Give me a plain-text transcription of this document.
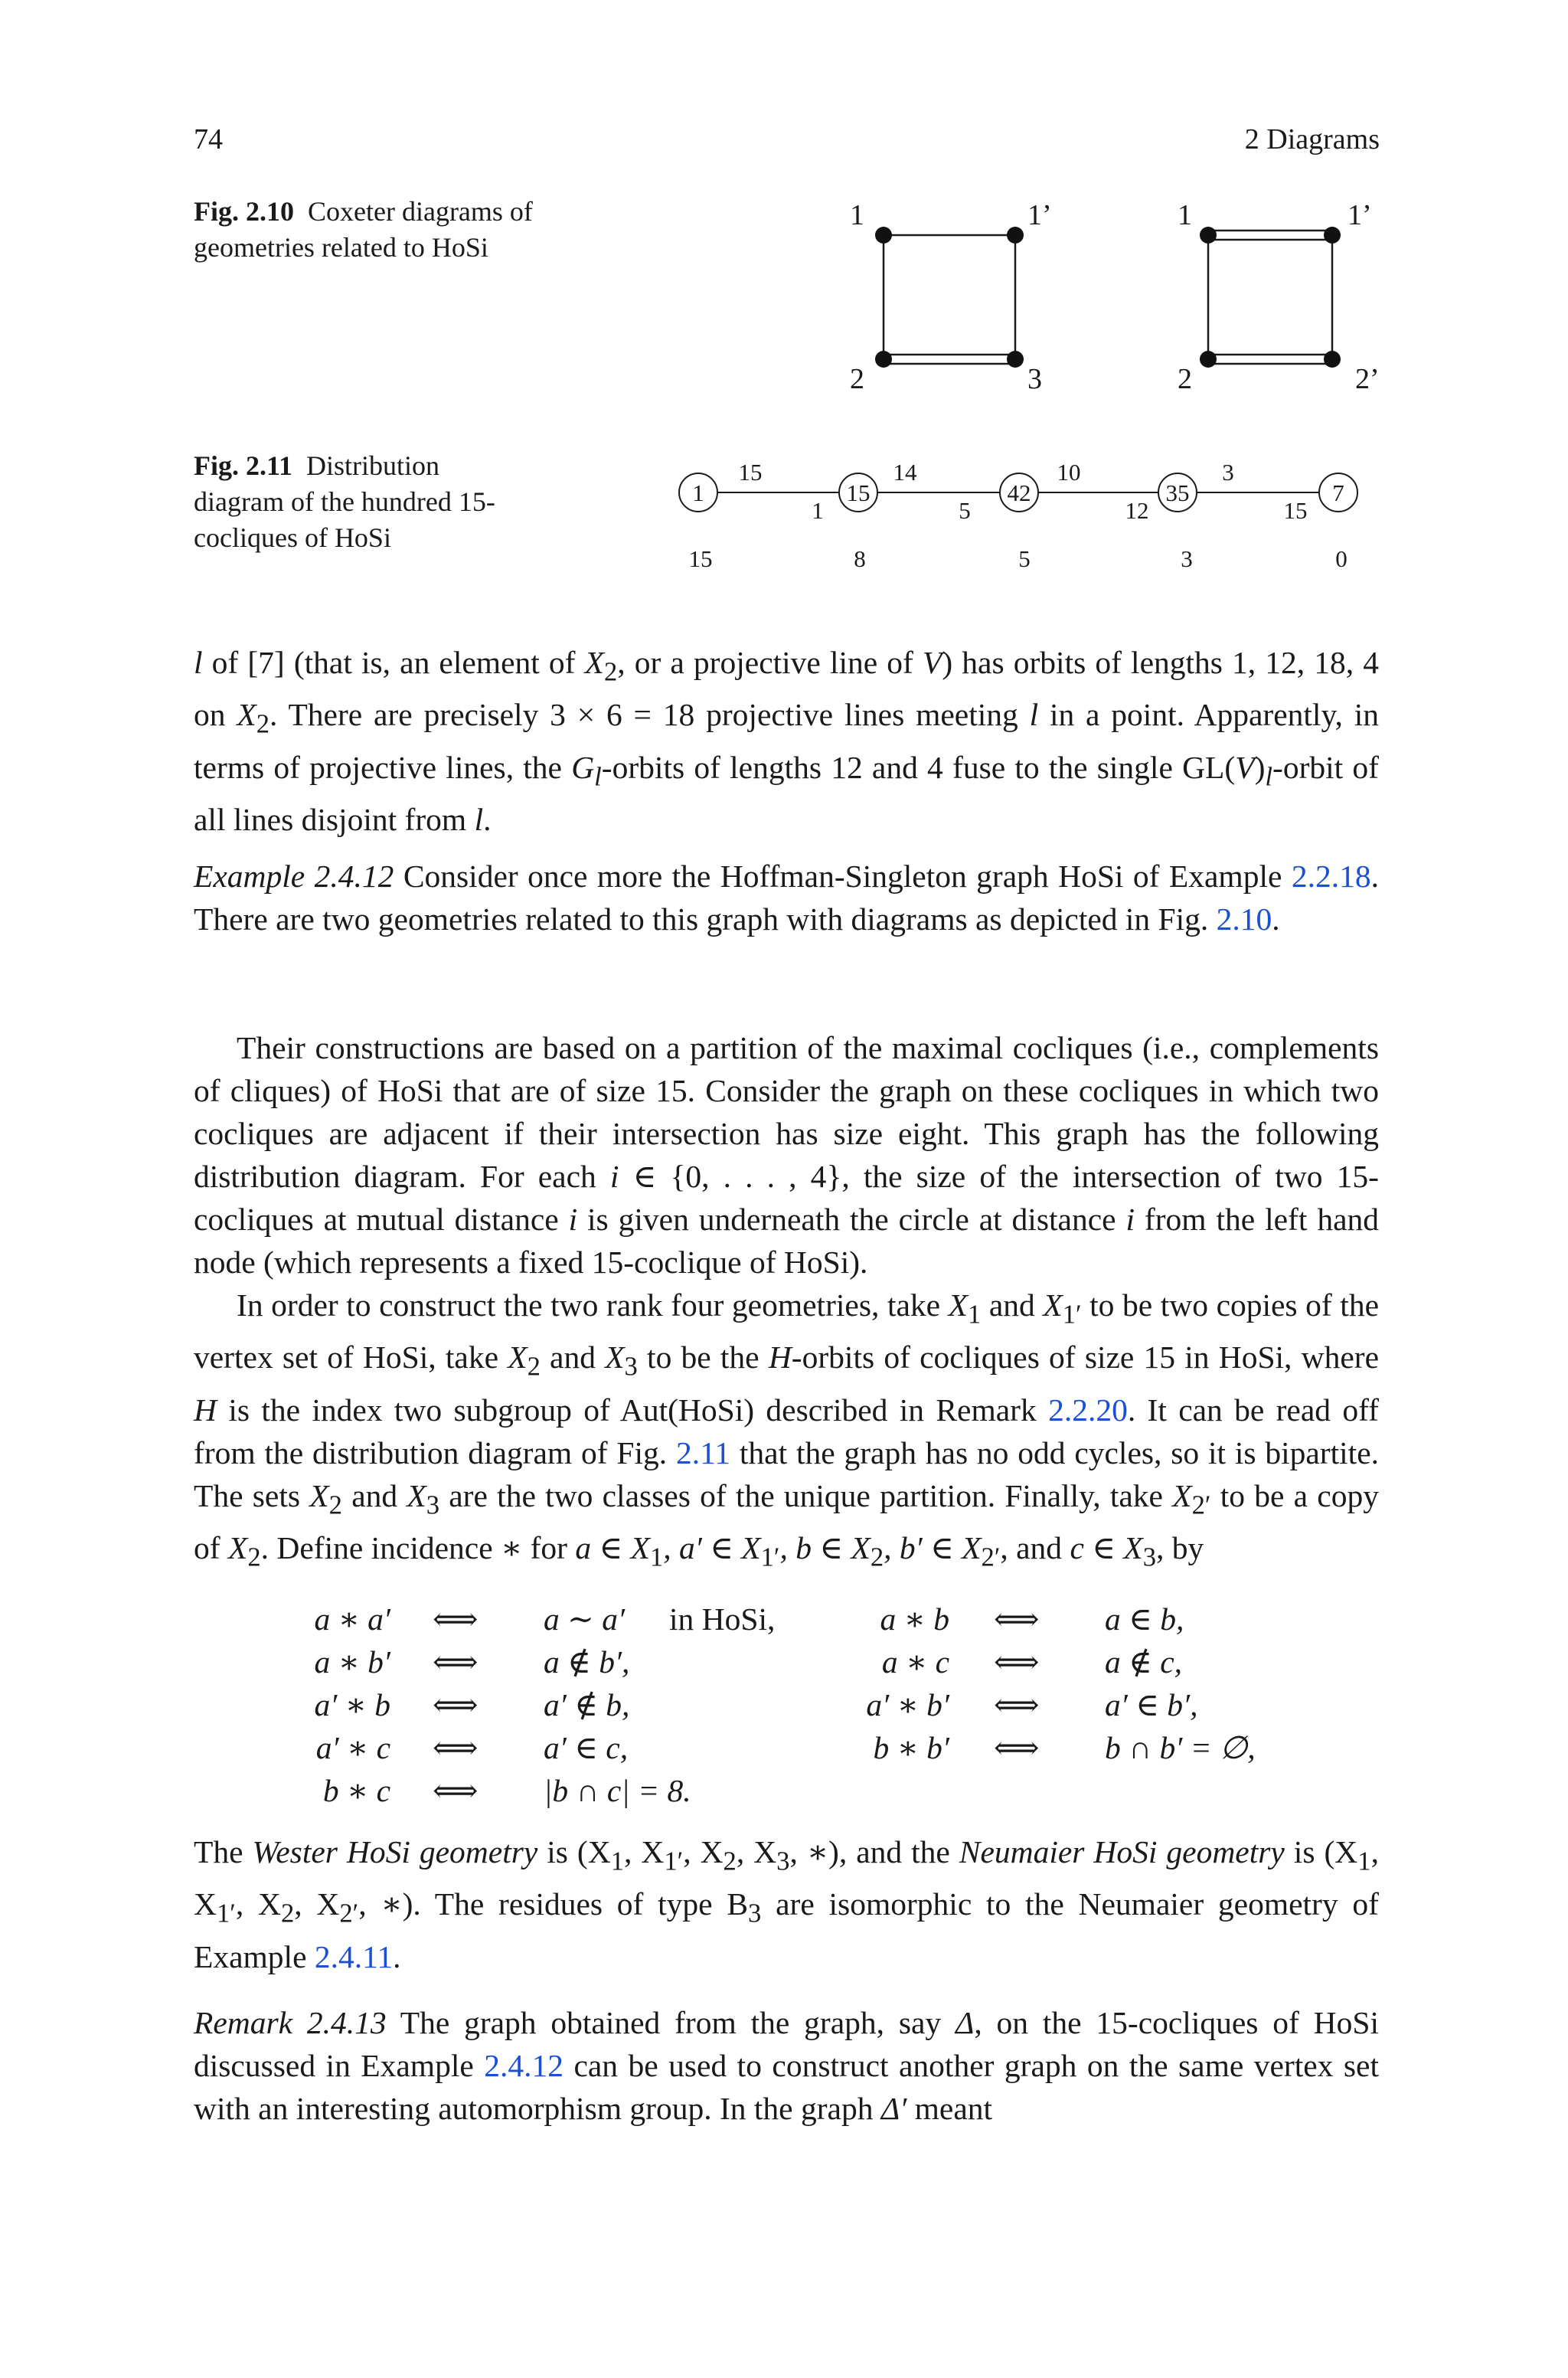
74	2 Diagrams
Fig. 2.10 Coxeter diagrams of geometries related to HoSi
1	1’
2	3
1	1’
2	2’
Fig. 2.11 Distribution diagram of the hundred 15-cocliques of HoSi
1	15	42	35	7
15	14	10	3
1	5	12	15
15	8	5	3	0

l of [7] (that is, an element of $X_2$, or a projective line of V) has orbits of lengths 1, 12, 18, 4 on $X_2$. There are precisely 3 × 6 = 18 projective lines meeting l in a point. Apparently, in terms of projective lines, the $G_l$-orbits of lengths 12 and 4 fuse to the single $GL(V)_l$-orbit of all lines disjoint from l.

Example 2.4.12 Consider once more the Hoffman-Singleton graph HoSi of Example 2.2.18. There are two geometries related to this graph with diagrams as depicted in Fig. 2.10.

Their constructions are based on a partition of the maximal cocliques (i.e., complements of cliques) of HoSi that are of size 15. Consider the graph on these cocliques in which two cocliques are adjacent if their intersection has size eight. This graph has the following distribution diagram. For each i ∈ {0, . . . , 4}, the size of the intersection of two 15-cocliques at mutual distance i is given underneath the circle at distance i from the left hand node (which represents a fixed 15-coclique of HoSi).

In order to construct the two rank four geometries, take $X_1$ and $X_{1'}$ to be two copies of the vertex set of HoSi, take $X_2$ and $X_3$ to be the H-orbits of cocliques of size 15 in HoSi, where H is the index two subgroup of Aut(HoSi) described in Remark 2.2.20. It can be read off from the distribution diagram of Fig. 2.11 that the graph has no odd cycles, so it is bipartite. The sets $X_2$ and $X_3$ are the two classes of the unique partition. Finally, take $X_{2'}$ to be a copy of $X_2$. Define incidence ∗ for a ∈ $X_1$, a′ ∈ $X_{1'}$, b ∈ $X_2$, b′ ∈ $X_{2'}$, and c ∈ $X_3$, by

a ∗ a′ ⟺ a ∼ a′ in HoSi,
a ∗ b′ ⟺ a ∉ b′,
a′ ∗ b ⟺ a′ ∉ b,
a′ ∗ c ⟺ a′ ∈ c,
b ∗ c ⟺ |b ∩ c| = 8.
a ∗ b ⟺ a ∈ b,
a ∗ c ⟺ a ∉ c,
a′ ∗ b′ ⟺ a′ ∈ b′,
b ∗ b′ ⟺ b ∩ b′ = ∅,

The Wester HoSi geometry is ($X_1$, $X_{1'}$, $X_2$, $X_3$, ∗), and the Neumaier HoSi geometry is ($X_1$, $X_{1'}$, $X_2$, $X_{2'}$, ∗). The residues of type $B_3$ are isomorphic to the Neumaier geometry of Example 2.4.11.

Remark 2.4.13 The graph obtained from the graph, say Δ, on the 15-cocliques of HoSi discussed in Example 2.4.12 can be used to construct another graph on the same vertex set with an interesting automorphism group. In the graph Δ′ meant
